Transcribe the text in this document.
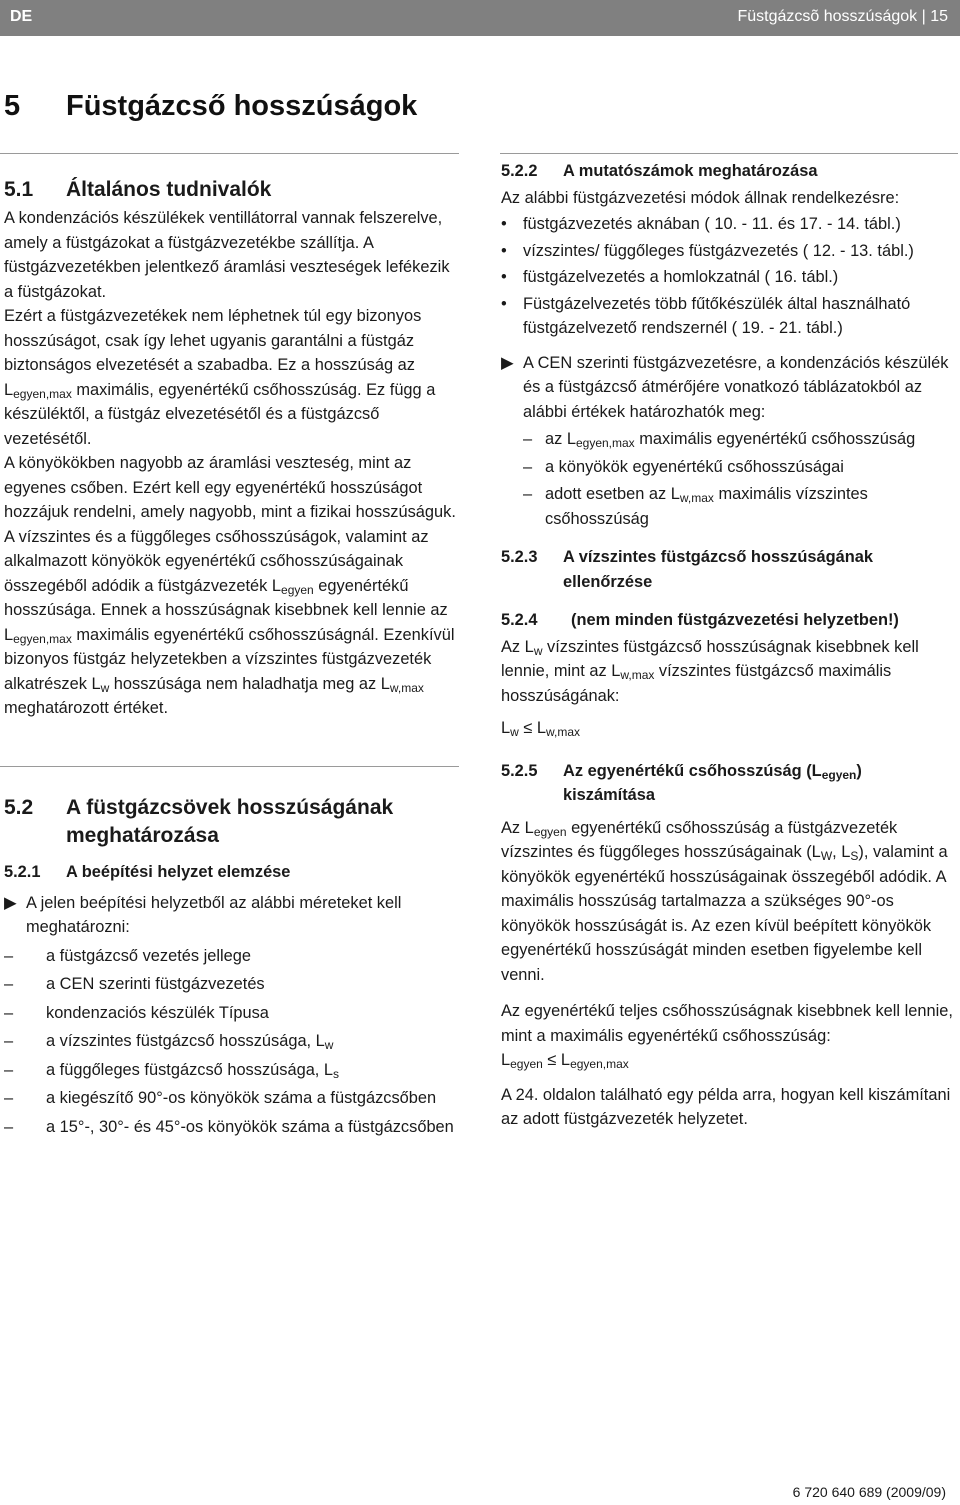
DE	Füstgázcsõ hosszúságok | 15
5 Füstgázcső hosszúságok
5.1	Általános tudnivalók

A kondenzációs készülékek ventillátorral vannak felszerelve, amely a füstgázokat a füstgázvezetékbe szállítja. A füstgázvezetékben jelentkező áramlási veszteségek lefékezik a füstgázokat.

Ezért a füstgázvezetékek nem léphetnek túl egy bizonyos hosszúságot, csak így lehet ugyanis garantálni a füstgáz biztonságos elvezetését a szabadba. Ez a hosszúság az $L_{egyen,max}$ maximális, egyenértékű csőhosszúság. Ez függ a készüléktől, a füstgáz elvezetésétől és a füstgázcső vezetésétől.

A könyökökben nagyobb az áramlási veszteség, mint az egyenes csőben. Ezért kell egy egyenértékű hosszúságot hozzájuk rendelni, amely nagyobb, mint a fizikai hosszúságuk.

A vízszintes és a függőleges csőhosszúságok, valamint az alkalmazott könyökök egyenértékű csőhosszúságainak összegéből adódik a füstgázvezeték $L_{egyen}$ egyenértékű hosszúsága. Ennek a hosszúságnak kisebbnek kell lennie az $L_{egyen,max}$ maximális egyenértékű csőhosszúságnál. Ezenkívül bizonyos füstgáz helyzetekben a vízszintes füstgázvezeték alkatrészek $L_w$ hosszúsága nem haladhatja meg az $L_{w,max}$ meghatározott értéket.

5.2	A füstgázcsövek hosszúságának meghatározása
5.2.1	A beépítési helyzet elemzése
▶ A jelen beépítési helyzetből az alábbi méreteket kell meghatározni:
– a füstgázcső vezetés jellege
– a CEN szerinti füstgázvezetés
– kondenzaciós készülék Típusa
– a vízszintes füstgázcső hosszúsága, $L_w$
– a függőleges füstgázcső hosszúsága, $L_s$
– a kiegészítő 90°-os könyökök száma a füstgázcsőben
– a 15°-, 30°- és 45°-os könyökök száma a füstgázcsőben
5.2.2	A mutatószámok meghatározása

Az alábbi füstgázvezetési módok állnak rendelkezésre:

• füstgázvezetés aknában ( 10. - 11. és 17. - 14. tábl.)
• vízszintes/ függőleges füstgázvezetés ( 12. - 13. tábl.)
• füstgázelvezetés a homlokzatnál ( 16. tábl.)
• Füstgázelvezetés több fűtőkészülék által használható füstgázelvezető rendszernél ( 19. - 21. tábl.)
▶ A CEN szerinti füstgázvezetésre, a kondenzációs készülék és a füstgázcső átmérőjére vonatkozó táblázatokból az alábbi értékek határozhatók meg:
– az $L_{egyen,max}$ maximális egyenértékű csőhosszúság
– a könyökök egyenértékű csőhosszúságai
– adott esetben az $L_{w,max}$ maximális vízszintes csőhosszúság
5.2.3	A vízszintes füstgázcső hosszúságának ellenőrzése
5.2.4	(nem minden füstgázvezetési helyzetben!)

Az $L_w$ vízszintes füstgázcső hosszúságnak kisebbnek kell lennie, mint az $L_{w,max}$ vízszintes füstgázcső maximális hosszúságának:

$L_w \le L_{w,max}$

5.2.5	Az egyenértékű csőhosszúság $(L_{egyen})$ kiszámítása

Az $L_{egyen}$ egyenértékű csőhosszúság a füstgázvezeték vízszintes és függőleges hosszúságainak ($L_W$, $L_S$), valamint a könyökök egyenértékű hosszúságainak összegéből adódik. A maximális hosszúság tartalmazza a szükséges 90°-os könyökök hosszúságát is. Az ezen kívül beépített könyökök egyenértékű hosszúságát minden esetben figyelembe kell venni.

Az egyenértékű teljes csőhosszúságnak kisebbnek kell lennie, mint a maximális egyenértékű csőhosszúság:

$L_{egyen} \le L_{egyen,max}$

A 24. oldalon található egy példa arra, hogyan kell kiszámítani az adott füstgázvezeték helyzetet.

6 720 640 689 (2009/09)
